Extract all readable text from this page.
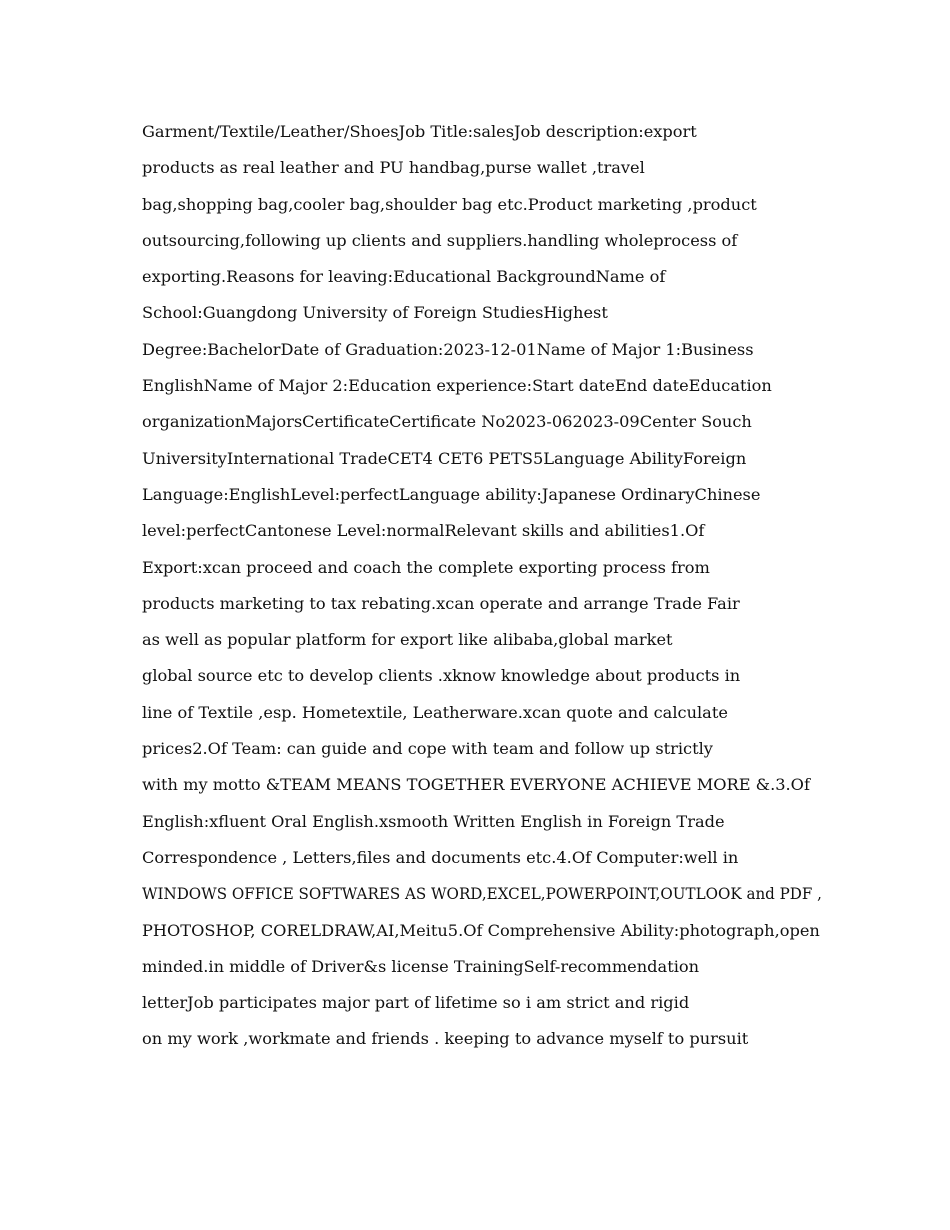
Garment/Textile/Leather/ShoesJob Title:salesJob description:export
products as real leather and PU handbag,purse wallet ,travel
bag,shopping bag,cooler bag,shoulder bag etc.Product marketing ,product
outsourcing,following up clients and suppliers.handling wholeprocess of
exporting.Reasons for leaving:Educational BackgroundName of
School:Guangdong University of Foreign StudiesHighest
Degree:BachelorDate of Graduation:2023-12-01Name of Major 1:Business
EnglishName of Major 2:Education experience:Start dateEnd dateEducation
organizationMajorsCertificateCertificate No2023-062023-09Center Souch
UniversityInternational TradeCET4 CET6 PETS5Language AbilityForeign
Language:EnglishLevel:perfectLanguage ability:Japanese OrdinaryChinese
level:perfectCantonese Level:normalRelevant skills and abilities1.Of
Export:xcan proceed and coach the complete exporting process from
products marketing to tax rebating.xcan operate and arrange Trade Fair
as well as popular platform for export like alibaba,global market
global source etc to develop clients .xknow knowledge about products in
line of Textile ,esp. Hometextile, Leatherware.xcan quote and calculate
prices2.Of Team: can guide and cope with team and follow up strictly
with my motto &TEAM MEANS TOGETHER EVERYONE ACHIEVE MORE &.3.Of
English:xfluent Oral English.xsmooth Written English in Foreign Trade
Correspondence , Letters,files and documents etc.4.Of Computer:well in
WINDOWS OFFICE SOFTWARES AS WORD,EXCEL,POWERPOINT,OUTLOOK and PDF ,
PHOTOSHOP, CORELDRAW,AI,Meitu5.Of Comprehensive Ability:photograph,open
minded.in middle of Driver&s license TrainingSelf-recommendation
letterJob participates major part of lifetime so i am strict and rigid
on my work ,workmate and friends . keeping to advance myself to pursuit
